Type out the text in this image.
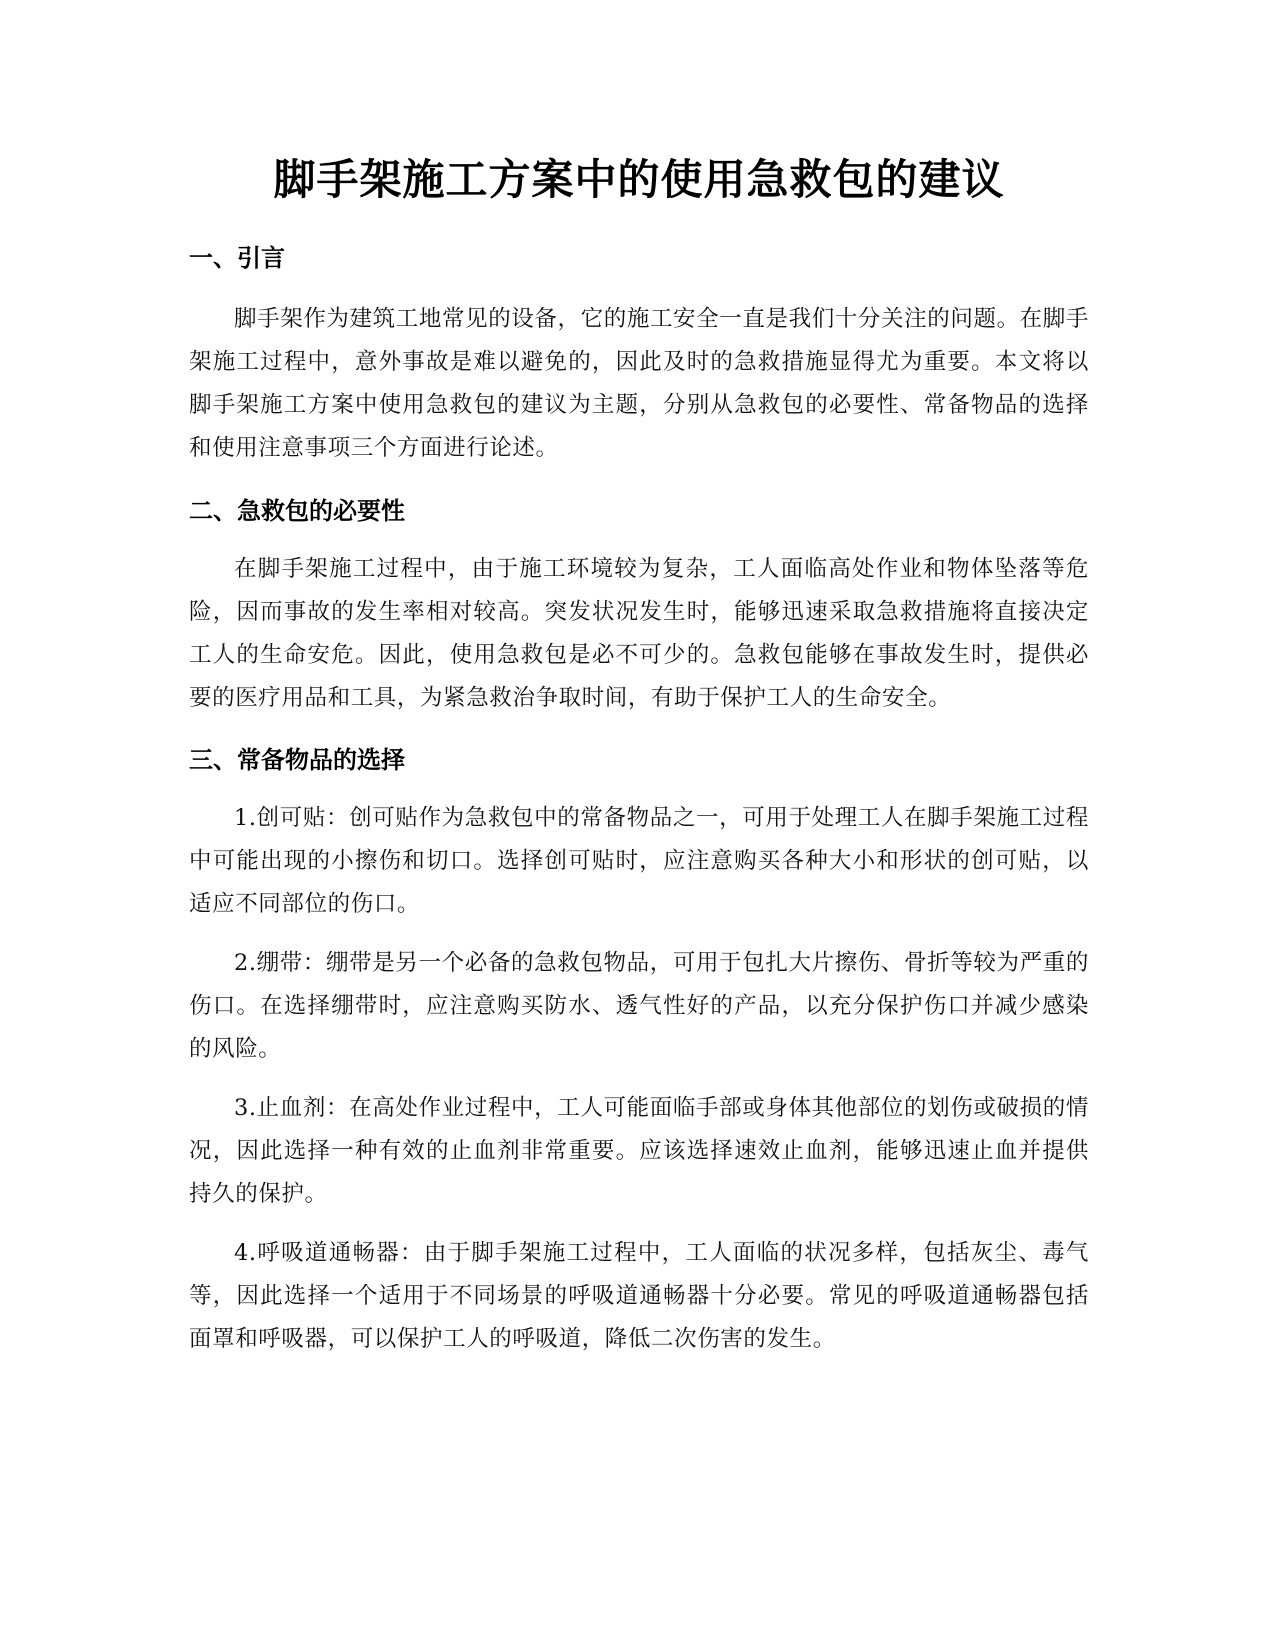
脚手架施工方案中的使用急救包的建议
一、引言

脚手架作为建筑工地常见的设备，它的施工安全一直是我们十分关注的问题。在脚手架施工过程中，意外事故是难以避免的，因此及时的急救措施显得尤为重要。本文将以脚手架施工方案中使用急救包的建议为主题，分别从急救包的必要性、常备物品的选择和使用注意事项三个方面进行论述。

二、急救包的必要性

在脚手架施工过程中，由于施工环境较为复杂，工人面临高处作业和物体坠落等危险，因而事故的发生率相对较高。突发状况发生时，能够迅速采取急救措施将直接决定工人的生命安危。因此，使用急救包是必不可少的。急救包能够在事故发生时，提供必要的医疗用品和工具，为紧急救治争取时间，有助于保护工人的生命安全。

三、常备物品的选择

1.创可贴：创可贴作为急救包中的常备物品之一，可用于处理工人在脚手架施工过程中可能出现的小擦伤和切口。选择创可贴时，应注意购买各种大小和形状的创可贴，以适应不同部位的伤口。

2.绷带：绷带是另一个必备的急救包物品，可用于包扎大片擦伤、骨折等较为严重的伤口。在选择绷带时，应注意购买防水、透气性好的产品，以充分保护伤口并减少感染的风险。

3.止血剂：在高处作业过程中，工人可能面临手部或身体其他部位的划伤或破损的情况，因此选择一种有效的止血剂非常重要。应该选择速效止血剂，能够迅速止血并提供持久的保护。

4.呼吸道通畅器：由于脚手架施工过程中，工人面临的状况多样，包括灰尘、毒气等，因此选择一个适用于不同场景的呼吸道通畅器十分必要。常见的呼吸道通畅器包括面罩和呼吸器，可以保护工人的呼吸道，降低二次伤害的发生。
